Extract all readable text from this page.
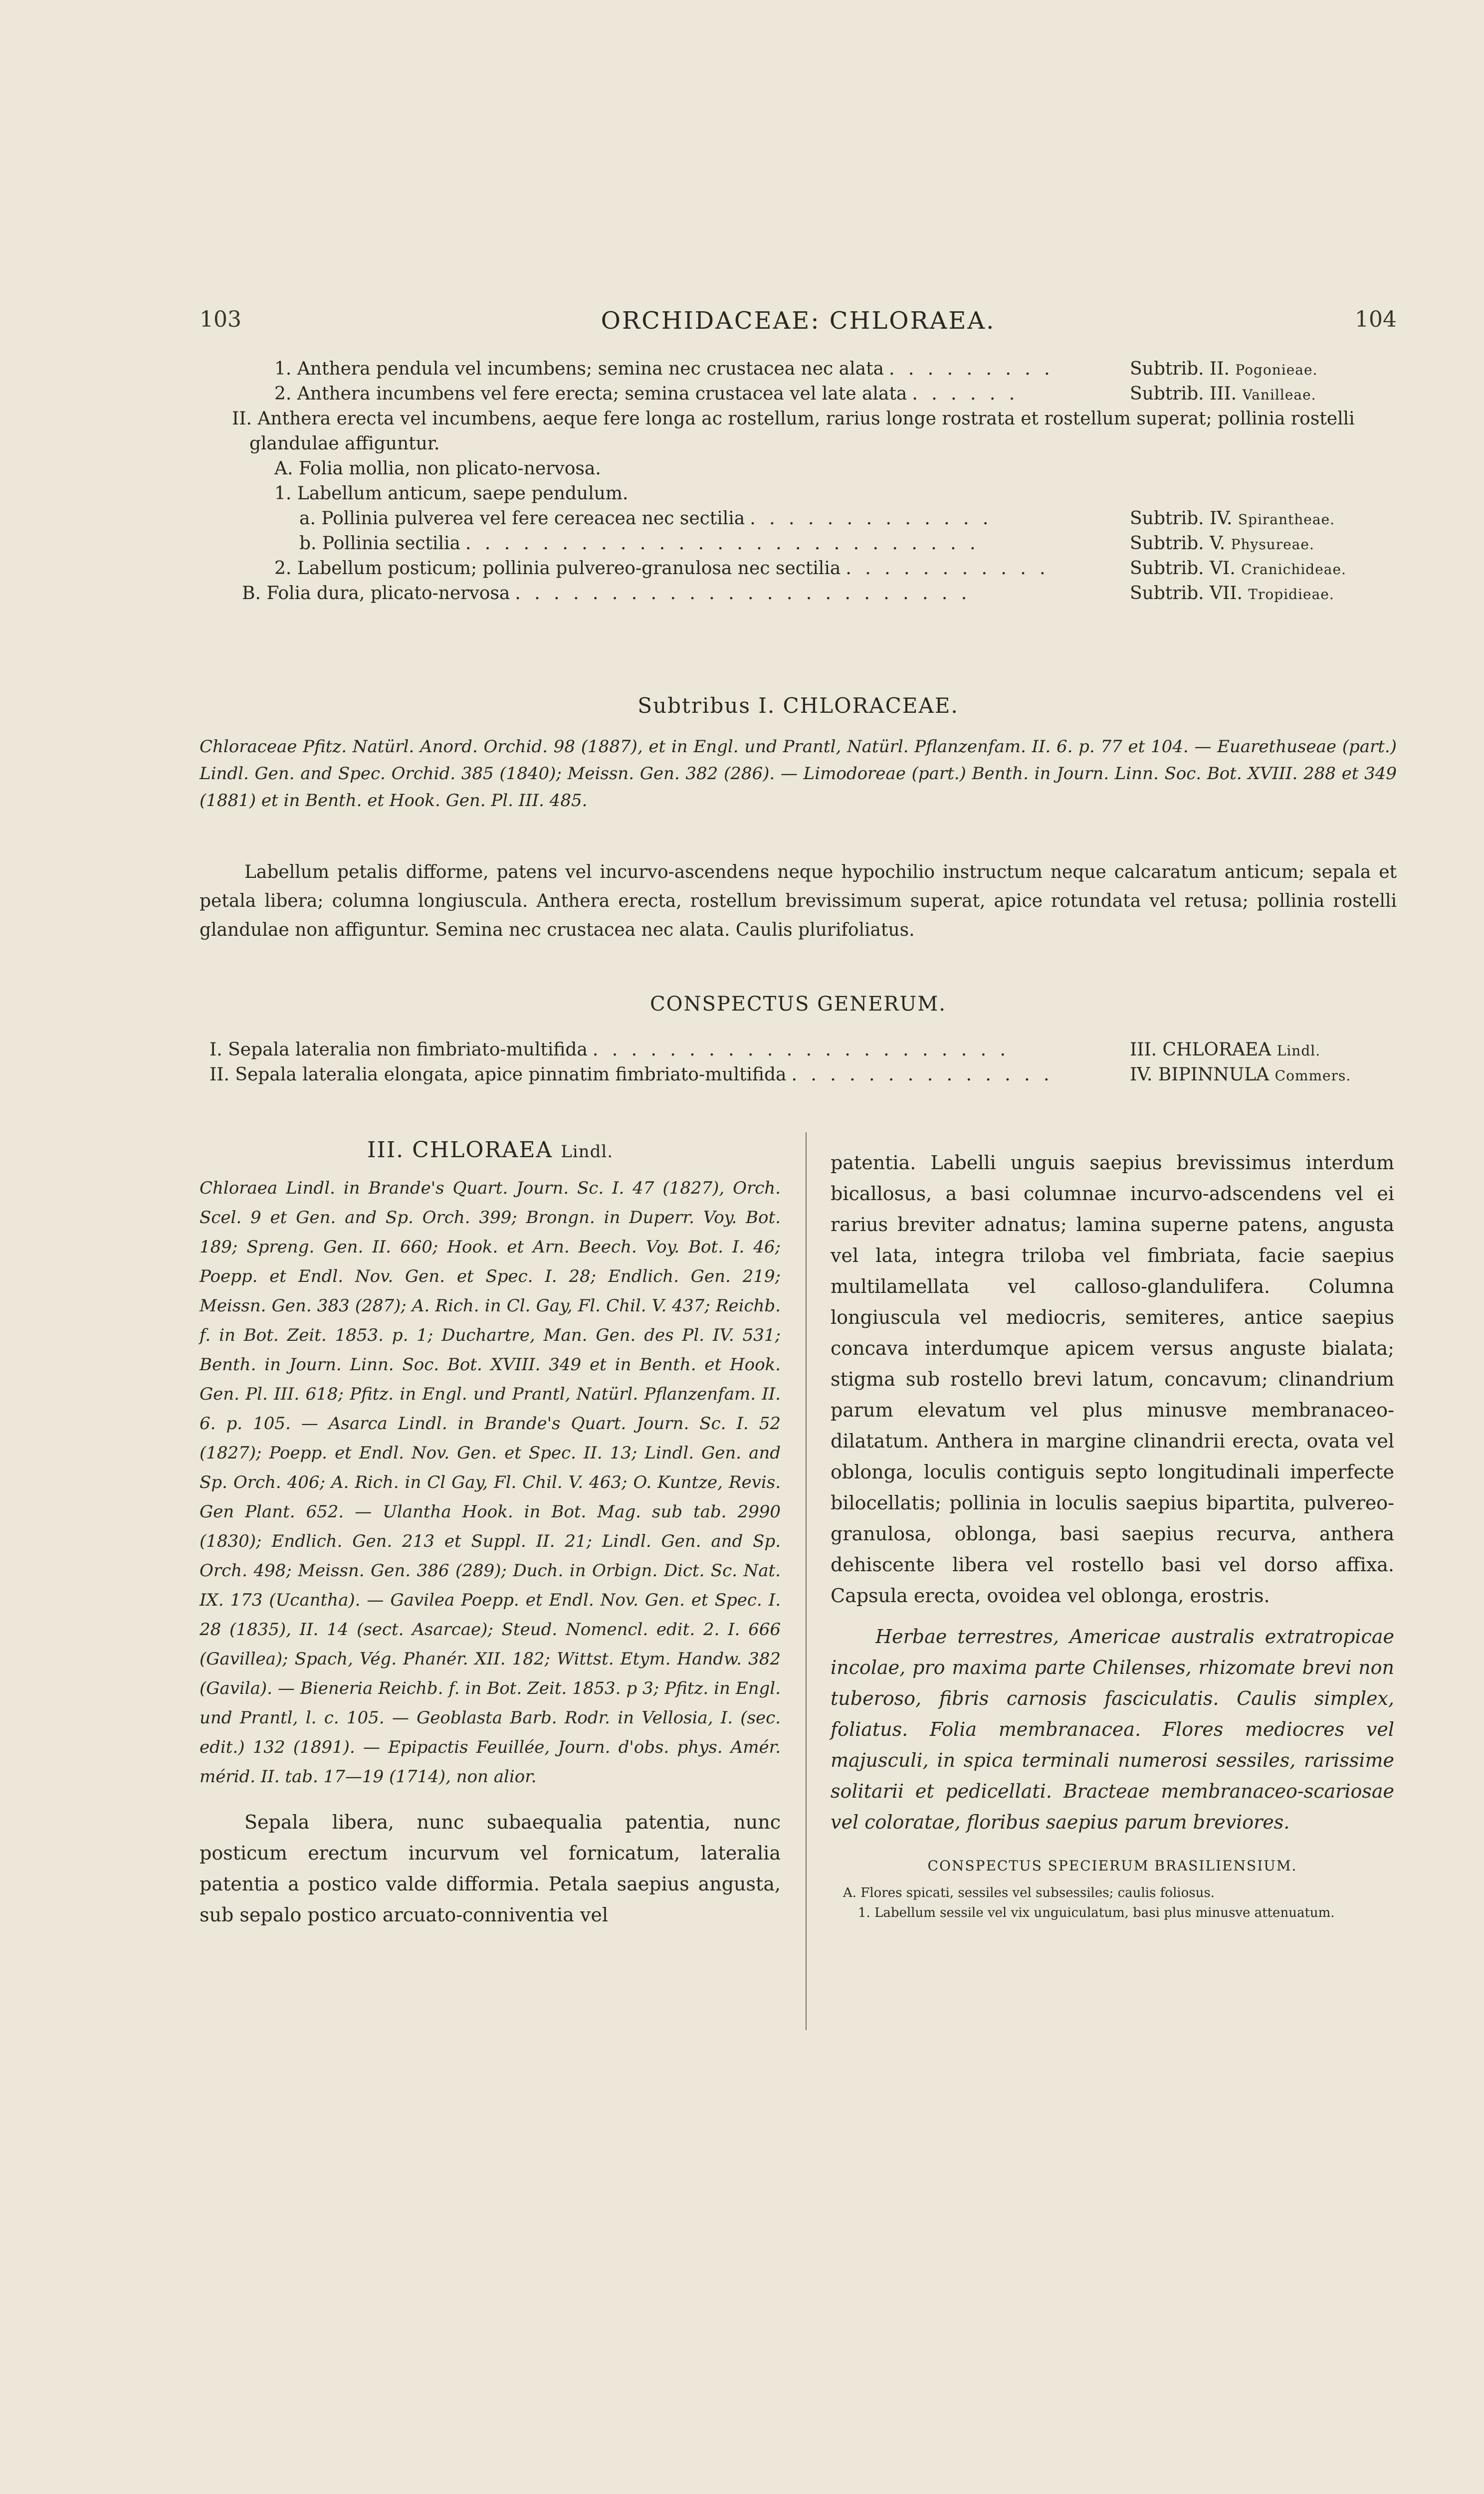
103	ORCHIDACEAE: CHLORAEA.	104
1. Anthera pendula vel incumbens; semina nec crustacea nec alata . . . . . . . . .	Subtrib. II. Pogonieae.
2. Anthera incumbens vel fere erecta; semina crustacea vel late alata . . . . . .	Subtrib. III. Vanilleae.
II. Anthera erecta vel incumbens, aeque fere longa ac rostellum, rarius longe rostrata et rostellum superat; pollinia rostelli glandulae affiguntur.
A. Folia mollia, non plicato-nervosa.
1. Labellum anticum, saepe pendulum.
a. Pollinia pulverea vel fere cereacea nec sectilia . . . . . . . . . . . . .	Subtrib. IV. Spirantheae.
b. Pollinia sectilia . . . . . . . . . . . . . . . . . . . . . . . . . . .	Subtrib. V. Physureae.
2. Labellum posticum; pollinia pulvereo-granulosa nec sectilia . . . . . . . . . . .	Subtrib. VI. Cranichideae.
B. Folia dura, plicato-nervosa . . . . . . . . . . . . . . . . . . . . . . . .	Subtrib. VII. Tropidieae.
Subtribus I. CHLORACEAE.
Chloraceae Pfitz. Natürl. Anord. Orchid. 98 (1887), et in Engl. und Prantl, Natürl. Pflanzenfam. II. 6. p. 77 et 104. — Euarethuseae (part.) Lindl. Gen. and Spec. Orchid. 385 (1840); Meissn. Gen. 382 (286). — Limodoreae (part.) Benth. in Journ. Linn. Soc. Bot. XVIII. 288 et 349 (1881) et in Benth. et Hook. Gen. Pl. III. 485.
Labellum petalis difforme, patens vel incurvo-ascendens neque hypochilio instructum neque calcaratum anticum; sepala et petala libera; columna longiuscula. Anthera erecta, rostellum brevissimum superat, apice rotundata vel retusa; pollinia rostelli glandulae non affiguntur. Semina nec crustacea nec alata. Caulis plurifoliatus.
CONSPECTUS GENERUM.
I. Sepala lateralia non fimbriato-multifida . . . . . . . . . . . . . . . . . . . . . .	III. CHLORAEA Lindl.
II. Sepala lateralia elongata, apice pinnatim fimbriato-multifida . . . . . . . . . . . . . .	IV. BIPINNULA Commers.
III. CHLORAEA Lindl.
Chloraea Lindl. in Brande's Quart. Journ. Sc. I. 47 (1827), Orch. Scel. 9 et Gen. and Sp. Orch. 399; Brongn. in Duperr. Voy. Bot. 189; Spreng. Gen. II. 660; Hook. et Arn. Beech. Voy. Bot. I. 46; Poepp. et Endl. Nov. Gen. et Spec. I. 28; Endlich. Gen. 219; Meissn. Gen. 383 (287); A. Rich. in Cl. Gay, Fl. Chil. V. 437; Reichb. f. in Bot. Zeit. 1853. p. 1; Duchartre, Man. Gen. des Pl. IV. 531; Benth. in Journ. Linn. Soc. Bot. XVIII. 349 et in Benth. et Hook. Gen. Pl. III. 618; Pfitz. in Engl. und Prantl, Natürl. Pflanzenfam. II. 6. p. 105. — Asarca Lindl. in Brande's Quart. Journ. Sc. I. 52 (1827); Poepp. et Endl. Nov. Gen. et Spec. II. 13; Lindl. Gen. and Sp. Orch. 406; A. Rich. in Cl Gay, Fl. Chil. V. 463; O. Kuntze, Revis. Gen Plant. 652. — Ulantha Hook. in Bot. Mag. sub tab. 2990 (1830); Endlich. Gen. 213 et Suppl. II. 21; Lindl. Gen. and Sp. Orch. 498; Meissn. Gen. 386 (289); Duch. in Orbign. Dict. Sc. Nat. IX. 173 (Ucantha). — Gavilea Poepp. et Endl. Nov. Gen. et Spec. I. 28 (1835), II. 14 (sect. Asarcae); Steud. Nomencl. edit. 2. I. 666 (Gavillea); Spach, Vég. Phanér. XII. 182; Wittst. Etym. Handw. 382 (Gavila). — Bieneria Reichb. f. in Bot. Zeit. 1853. p 3; Pfitz. in Engl. und Prantl, l. c. 105. — Geoblasta Barb. Rodr. in Vellosia, I. (sec. edit.) 132 (1891). — Epipactis Feuillée, Journ. d'obs. phys. Amér. mérid. II. tab. 17—19 (1714), non alior.
Sepala libera, nunc subaequalia patentia, nunc posticum erectum incurvum vel fornicatum, lateralia patentia a postico valde difformia. Petala saepius angusta, sub sepalo postico arcuato-conniventia vel
patentia. Labelli unguis saepius brevissimus interdum bicallosus, a basi columnae incurvo-adscendens vel ei rarius breviter adnatus; lamina superne patens, angusta vel lata, integra triloba vel fimbriata, facie saepius multilamellata vel calloso-glandulifera. Columna longiuscula vel mediocris, semiteres, antice saepius concava interdumque apicem versus anguste bialata; stigma sub rostello brevi latum, concavum; clinandrium parum elevatum vel plus minusve membranaceo-dilatatum. Anthera in margine clinandrii erecta, ovata vel oblonga, loculis contiguis septo longitudinali imperfecte bilocellatis; pollinia in loculis saepius bipartita, pulvereo-granulosa, oblonga, basi saepius recurva, anthera dehiscente libera vel rostello basi vel dorso affixa. Capsula erecta, ovoidea vel oblonga, erostris.
Herbae terrestres, Americae australis extratropicae incolae, pro maxima parte Chilenses, rhizomate brevi non tuberoso, fibris carnosis fasciculatis. Caulis simplex, foliatus. Folia membranacea. Flores mediocres vel majusculi, in spica terminali numerosi sessiles, rarissime solitarii et pedicellati. Bracteae membranaceo-scariosae vel coloratae, floribus saepius parum breviores.
CONSPECTUS SPECIERUM BRASILIENSIUM.
A. Flores spicati, sessiles vel subsessiles; caulis foliosus.
1. Labellum sessile vel vix unguiculatum, basi plus minusve attenuatum.
